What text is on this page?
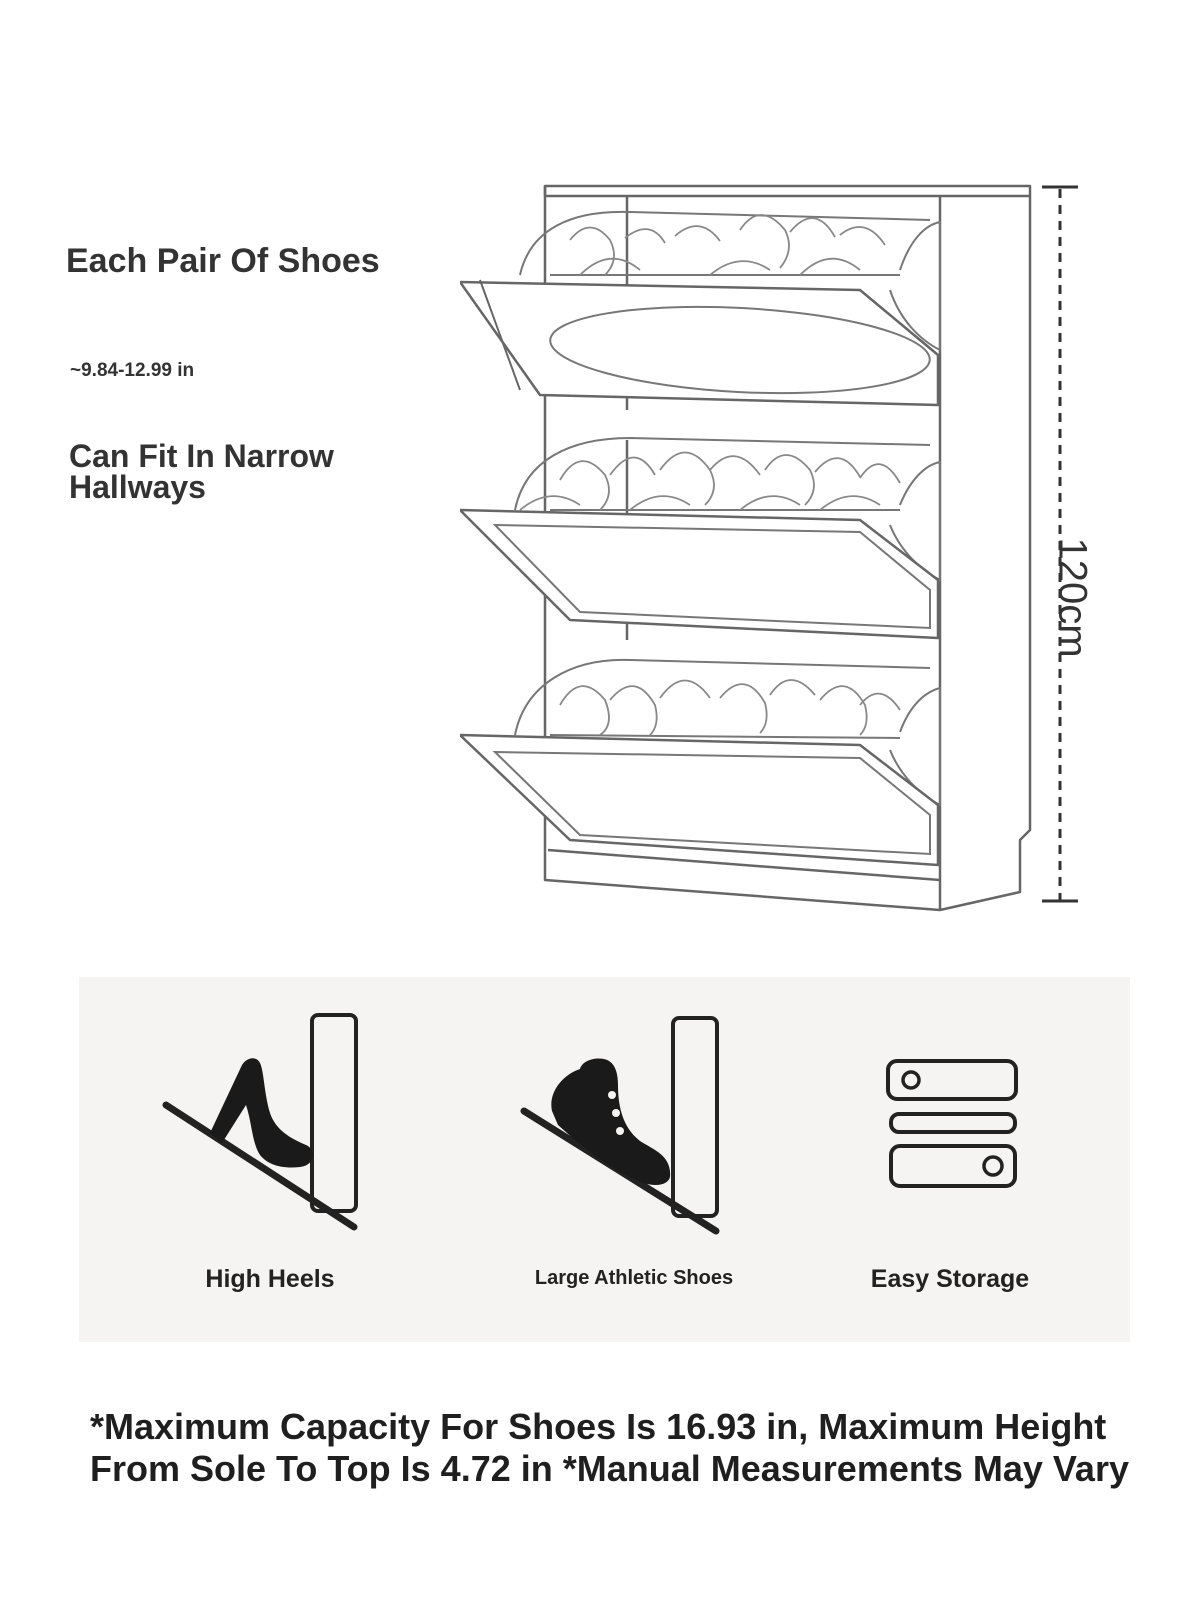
Each Pair Of Shoes
~9.84-12.99 in
Can Fit In Narrow Hallways
120cm
High Heels	Large Athletic Shoes	Easy Storage
*Maximum Capacity For Shoes Is 16.93 in, Maximum Height From Sole To Top Is 4.72 in *Manual Measurements May Vary
